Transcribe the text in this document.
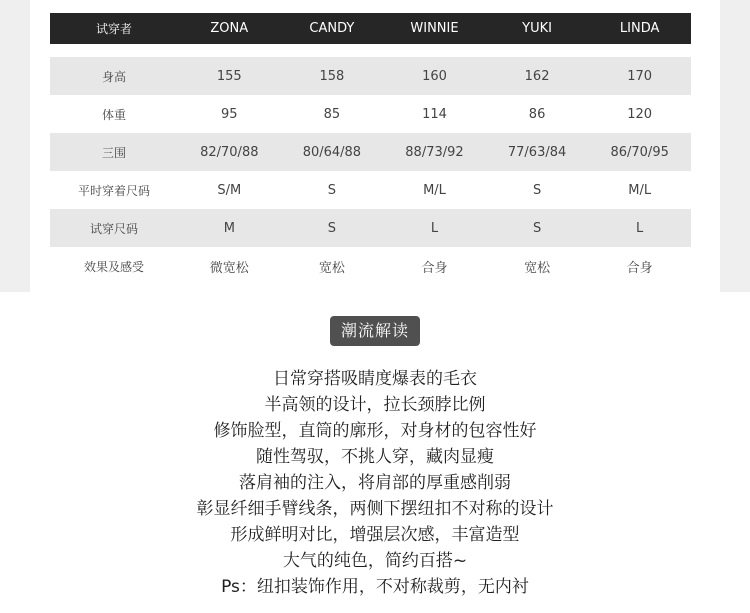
试穿者	ZONA	CANDY	WINNIE	YUKI	LINDA
身高	155	158	160	162	170
体重	95	85	114	86	120
三围	82/70/88	80/64/88	88/73/92	77/63/84	86/70/95
平时穿着尺码	S/M	S	M/L	S	M/L
试穿尺码	M	S	L	S	L
效果及感受	微宽松	宽松	合身	宽松	合身
潮流解读
日常穿搭吸睛度爆表的毛衣
半高领的设计，拉长颈脖比例
修饰脸型，直筒的廓形，对身材的包容性好
随性驾驭，不挑人穿，藏肉显瘦
落肩袖的注入，将肩部的厚重感削弱
彰显纤细手臂线条，两侧下摆纽扣不对称的设计
形成鲜明对比，增强层次感，丰富造型
大气的纯色，简约百搭~
Ps：纽扣装饰作用，不对称裁剪，无内衬
